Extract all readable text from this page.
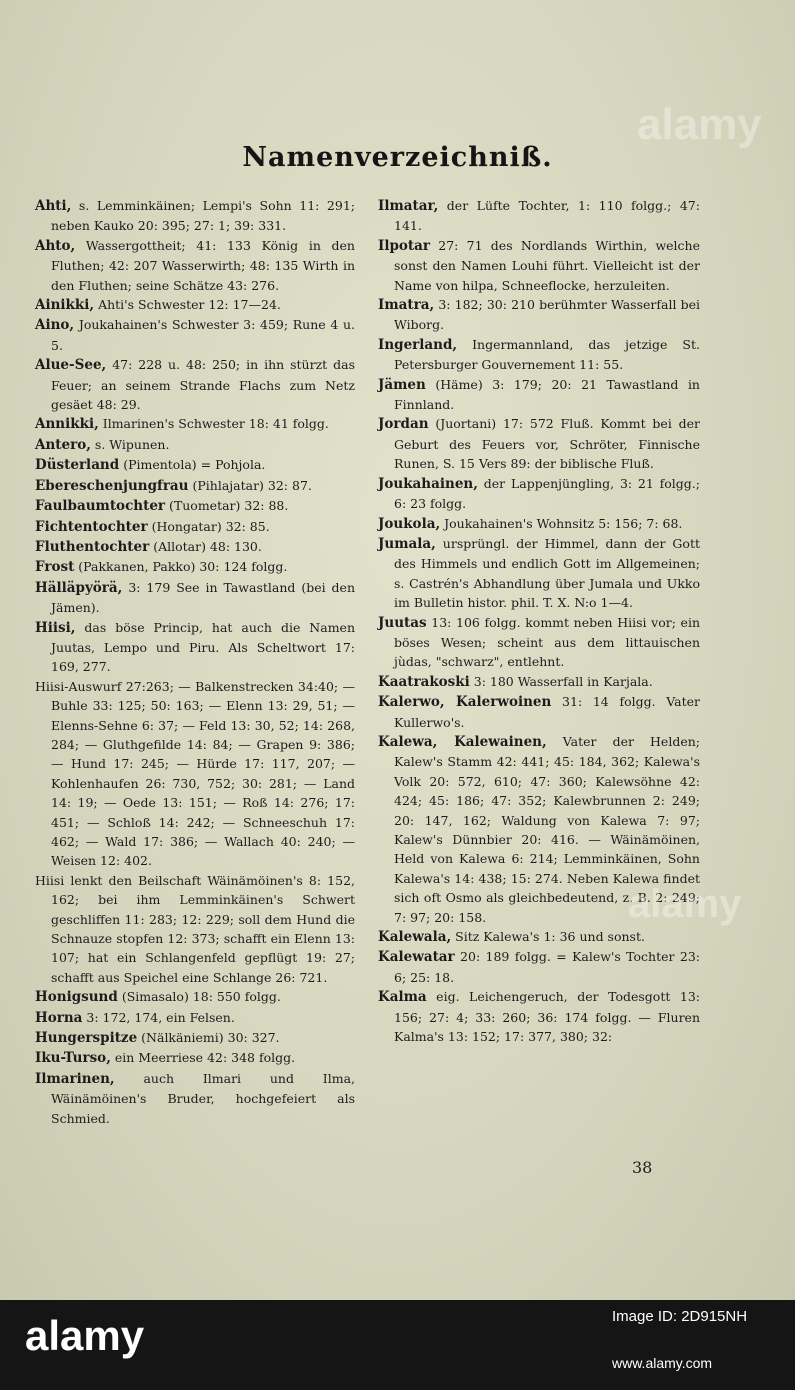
alamy
Namenverzeichniß.

Ahti, s. Lemminkäinen; Lempi's Sohn 11: 291; neben Kauko 20: 395; 27: 1; 39: 331.

Ahto, Wassergottheit; 41: 133 König in den Fluthen; 42: 207 Wasserwirth; 48: 135 Wirth in den Fluthen; seine Schätze 43: 276.

Ainikki, Ahti's Schwester 12: 17—24.

Aino, Joukahainen's Schwester 3: 459; Rune 4 u. 5.

Alue-See, 47: 228 u. 48: 250; in ihn stürzt das Feuer; an seinem Strande Flachs zum Netz gesäet 48: 29.

Annikki, Ilmarinen's Schwester 18: 41 folgg.

Antero, s. Wipunen.

Düsterland (Pimentola) = Pohjola.

Ebereschenjungfrau (Pihlajatar) 32: 87.

Faulbaumtochter (Tuometar) 32: 88.

Fichtentochter (Hongatar) 32: 85.

Fluthentochter (Allotar) 48: 130.

Frost (Pakkanen, Pakko) 30: 124 folgg.

Hälläpyörä, 3: 179 See in Tawastland (bei den Jämen).

Hiisi, das böse Princip, hat auch die Namen Juutas, Lempo und Piru. Als Scheltwort 17: 169, 277.

Hiisi-Auswurf 27:263; — Balkenstrecken 34:40; — Buhle 33: 125; 50: 163; — Elenn 13: 29, 51; — Elenns-Sehne 6: 37; — Feld 13: 30, 52; 14: 268, 284; — Gluthgefilde 14: 84; — Grapen 9: 386; — Hund 17: 245; — Hürde 17: 117, 207; — Kohlenhaufen 26: 730, 752; 30: 281; — Land 14: 19; — Oede 13: 151; — Roß 14: 276; 17: 451; — Schloß 14: 242; — Schneeschuh 17: 462; — Wald 17: 386; — Wallach 40: 240; — Weisen 12: 402.

Hiisi lenkt den Beilschaft Wäinämöinen's 8: 152, 162; bei ihm Lemminkäinen's Schwert geschliffen 11: 283; 12: 229; soll dem Hund die Schnauze stopfen 12: 373; schafft ein Elenn 13: 107; hat ein Schlangenfeld gepflügt 19: 27; schafft aus Speichel eine Schlange 26: 721.

Honigsund (Simasalo) 18: 550 folgg.

Horna 3: 172, 174, ein Felsen.

Hungerspitze (Nälkäniemi) 30: 327.

Iku-Turso, ein Meerriese 42: 348 folgg.

Ilmarinen, auch Ilmari und Ilma, Wäinämöinen's Bruder, hochgefeiert als Schmied.

Ilmatar, der Lüfte Tochter, 1: 110 folgg.; 47: 141.

Ilpotar 27: 71 des Nordlands Wirthin, welche sonst den Namen Louhi führt. Vielleicht ist der Name von hilpa, Schneeflocke, herzuleiten.

Imatra, 3: 182; 30: 210 berühmter Wasserfall bei Wiborg.

Ingerland, Ingermannland, das jetzige St. Petersburger Gouvernement 11: 55.

Jämen (Häme) 3: 179; 20: 21 Tawastland in Finnland.

Jordan (Juortani) 17: 572 Fluß. Kommt bei der Geburt des Feuers vor, Schröter, Finnische Runen, S. 15 Vers 89: der biblische Fluß.

Joukahainen, der Lappenjüngling, 3: 21 folgg.; 6: 23 folgg.

Joukola, Joukahainen's Wohnsitz 5: 156; 7: 68.

Jumala, ursprüngl. der Himmel, dann der Gott des Himmels und endlich Gott im Allgemeinen; s. Castrén's Abhandlung über Jumala und Ukko im Bulletin histor. phil. T. X. N:o 1—4.

Juutas 13: 106 folgg. kommt neben Hiisi vor; ein böses Wesen; scheint aus dem littauischen jùdas, "schwarz", entlehnt.

Kaatrakoski 3: 180 Wasserfall in Karjala.

Kalerwo, Kalerwoinen 31: 14 folgg. Vater Kullerwo's.

Kalewa, Kalewainen, Vater der Helden; Kalew's Stamm 42: 441; 45: 184, 362; Kalewa's Volk 20: 572, 610; 47: 360; Kalewsöhne 42: 424; 45: 186; 47: 352; Kalewbrunnen 2: 249; 20: 147, 162; Waldung von Kalewa 7: 97; Kalew's Dünnbier 20: 416. — Wäinämöinen, Held von Kalewa 6: 214; Lemminkäinen, Sohn Kalewa's 14: 438; 15: 274. Neben Kalewa findet sich oft Osmo als gleichbedeutend, z. B. 2: 249; 7: 97; 20: 158.

Kalewala, Sitz Kalewa's 1: 36 und sonst.

Kalewatar 20: 189 folgg. = Kalew's Tochter 23: 6; 25: 18.

Kalma eig. Leichengeruch, der Todesgott 13: 156; 27: 4; 33: 260; 36: 174 folgg. — Fluren Kalma's 13: 152; 17: 377, 380; 32:

alamy
38
alamy	Image ID: 2D915NH
www.alamy.com
